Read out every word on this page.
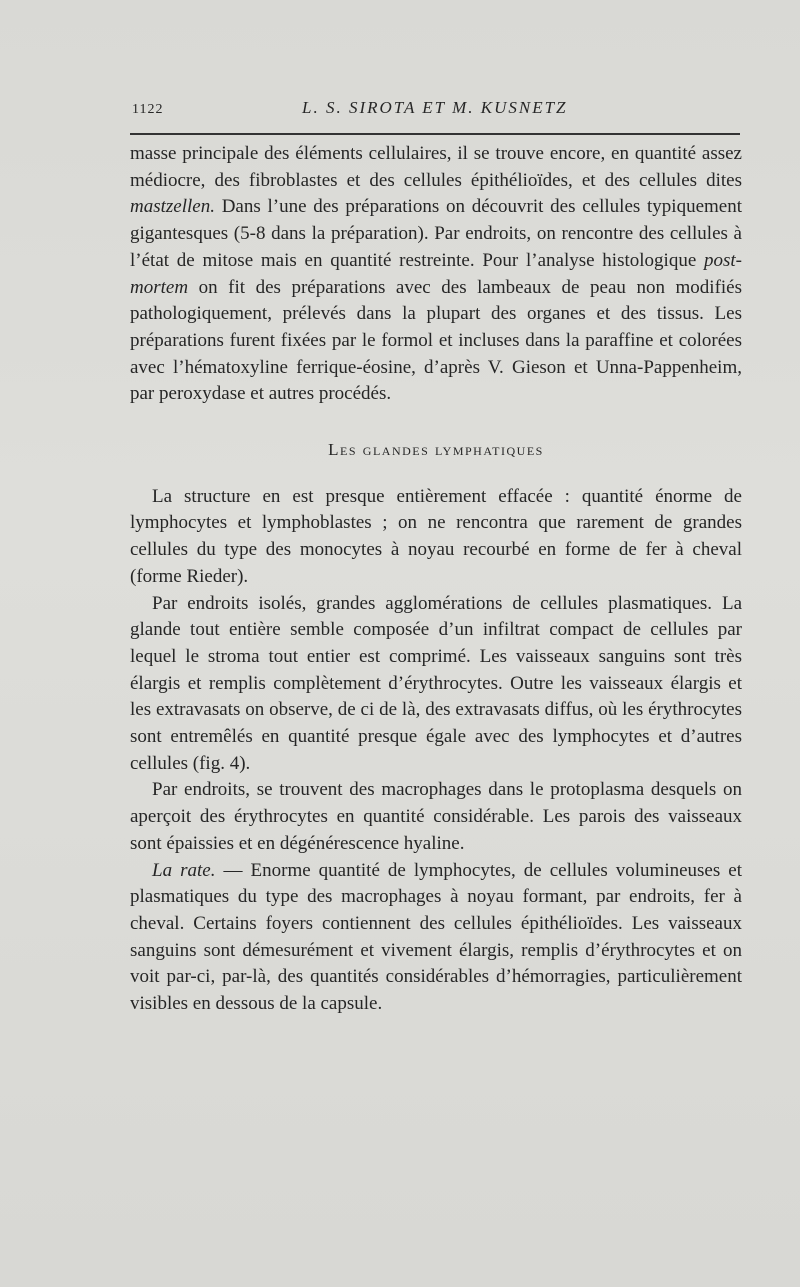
1122	L. S. SIROTA ET M. KUSNETZ

masse principale des éléments cellulaires, il se trouve encore, en quantité assez médiocre, des fibroblastes et des cellules épithélioïdes, et des cellules dites mastzellen. Dans l’une des préparations on découvrit des cellules typiquement gigantesques (5-8 dans la préparation). Par endroits, on rencontre des cellules à l’état de mitose mais en quantité restreinte. Pour l’analyse histologique post-mortem on fit des préparations avec des lambeaux de peau non modifiés pathologiquement, prélevés dans la plupart des organes et des tissus. Les préparations furent fixées par le formol et incluses dans la paraffine et colorées avec l’hématoxyline ferrique-éosine, d’après V. Gieson et Unna-Pappenheim, par peroxydase et autres procédés.

Les glandes lymphatiques

La structure en est presque entièrement effacée : quantité énorme de lymphocytes et lymphoblastes ; on ne rencontra que rarement de grandes cellules du type des monocytes à noyau recourbé en forme de fer à cheval (forme Rieder).

Par endroits isolés, grandes agglomérations de cellules plasmatiques. La glande tout entière semble composée d’un infiltrat compact de cellules par lequel le stroma tout entier est comprimé. Les vaisseaux sanguins sont très élargis et remplis complètement d’érythrocytes. Outre les vaisseaux élargis et les extravasats on observe, de ci de là, des extravasats diffus, où les érythrocytes sont entremêlés en quantité presque égale avec des lymphocytes et d’autres cellules (fig. 4).

Par endroits, se trouvent des macrophages dans le protoplasma desquels on aperçoit des érythrocytes en quantité considérable. Les parois des vaisseaux sont épaissies et en dégénérescence hyaline.

La rate. — Enorme quantité de lymphocytes, de cellules volumineuses et plasmatiques du type des macrophages à noyau formant, par endroits, fer à cheval. Certains foyers contiennent des cellules épithélioïdes. Les vaisseaux sanguins sont démesurément et vivement élargis, remplis d’érythrocytes et on voit par-ci, par-là, des quantités considérables d’hémorragies, particulièrement visibles en dessous de la capsule.
